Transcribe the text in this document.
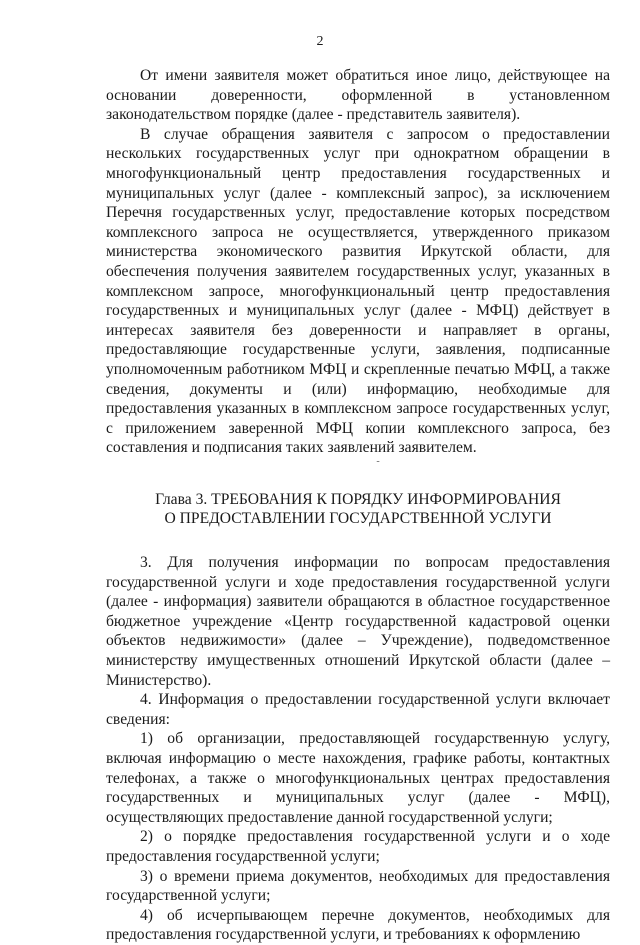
2

От имени заявителя может обратиться иное лицо, действующее на основании доверенности, оформленной в установленном законодательством порядке (далее - представитель заявителя).

В случае обращения заявителя с запросом о предоставлении нескольких государственных услуг при однократном обращении в многофункциональный центр предоставления государственных и муниципальных услуг (далее - комплексный запрос), за исключением Перечня государственных услуг, предоставление которых посредством комплексного запроса не осуществляется, утвержденного приказом министерства экономического развития Иркутской области, для обеспечения получения заявителем государственных услуг, указанных в комплексном запросе, многофункциональный центр предоставления государственных и муниципальных услуг (далее - МФЦ) действует в интересах заявителя без доверенности и направляет в органы, предоставляющие государственные услуги, заявления, подписанные уполномоченным работником МФЦ и скрепленные печатью МФЦ, а также сведения, документы и (или) информацию, необходимые для предоставления указанных в комплексном запросе государственных услуг, с приложением заверенной МФЦ копии комплексного запроса, без составления и подписания таких заявлений заявителем.

-
Глава 3. ТРЕБОВАНИЯ К ПОРЯДКУ ИНФОРМИРОВАНИЯ
О ПРЕДОСТАВЛЕНИИ ГОСУДАРСТВЕННОЙ УСЛУГИ

3. Для получения информации по вопросам предоставления государственной услуги и ходе предоставления государственной услуги (далее - информация) заявители обращаются в областное государственное бюджетное учреждение «Центр государственной кадастровой оценки объектов недвижимости» (далее – Учреждение), подведомственное министерству имущественных отношений Иркутской области (далее – Министерство).

4. Информация о предоставлении государственной услуги включает сведения:

1) об организации, предоставляющей государственную услугу, включая информацию о месте нахождения, графике работы, контактных телефонах, а также о многофункциональных центрах предоставления государственных и муниципальных услуг (далее - МФЦ), осуществляющих предоставление данной государственной услуги;

2) о порядке предоставления государственной услуги и о ходе предоставления государственной услуги;

3) о времени приема документов, необходимых для предоставления государственной услуги;

4) об исчерпывающем перечне документов, необходимых для предоставления государственной услуги, и требованиях к оформлению
